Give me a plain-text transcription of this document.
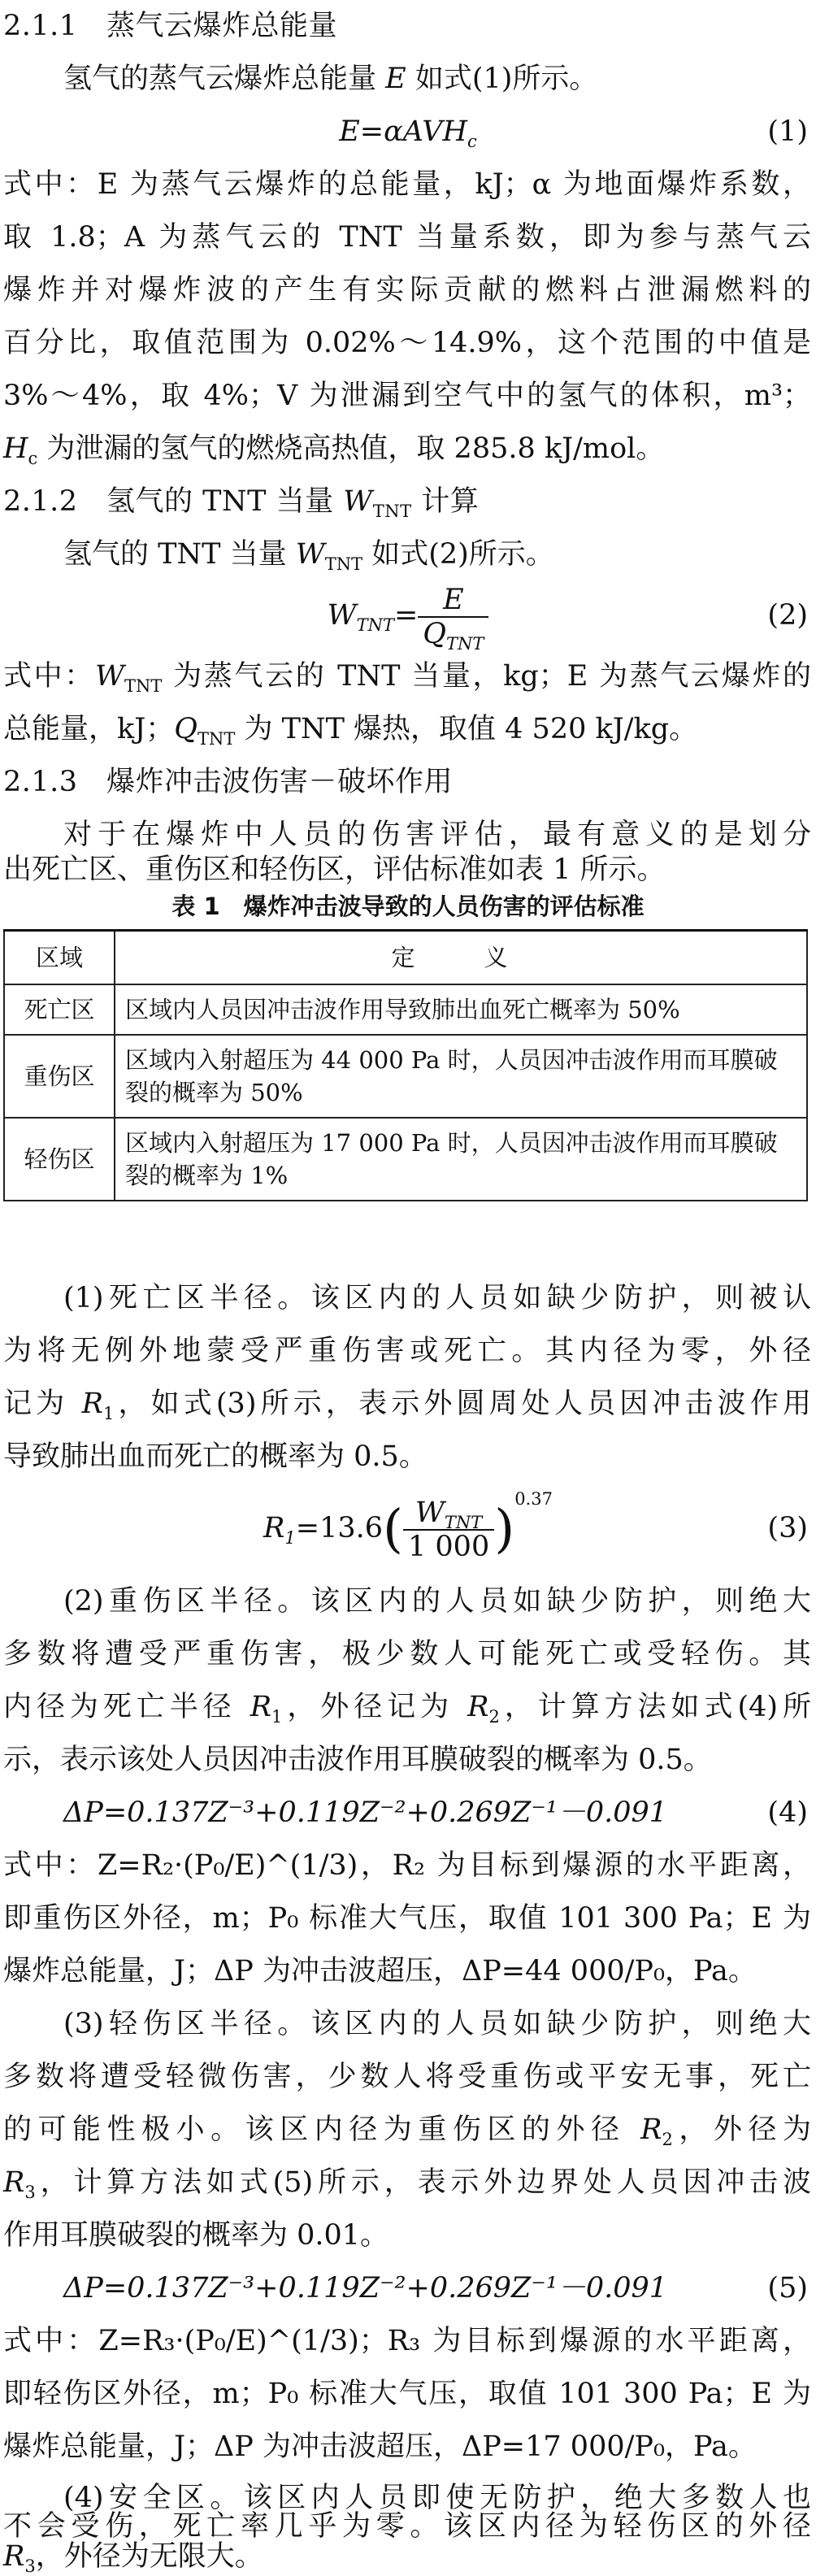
2.1.1　蒸气云爆炸总能量
氢气的蒸气云爆炸总能量 E 如式(1)所示。
E=αAVH$_c$	(1)
式中：E 为蒸气云爆炸的总能量，kJ；α 为地面爆炸系数，
取 1.8；A 为蒸气云的 TNT 当量系数，即为参与蒸气云
爆炸并对爆炸波的产生有实际贡献的燃料占泄漏燃料的
百分比，取值范围为 0.02%～14.9%，这个范围的中值是
3%～4%，取 4%；V 为泄漏到空气中的氢气的体积，m³；
$H_c$ 为泄漏的氢气的燃烧高热值，取 285.8 kJ/mol。
2.1.2　氢气的 TNT 当量 $W_{TNT}$ 计算
氢气的 TNT 当量 $W_{TNT}$ 如式(2)所示。
$W_{TNT}= \frac{E}{Q_{TNT}}$	(2)
式中：$W_{TNT}$ 为蒸气云的 TNT 当量，kg；E 为蒸气云爆炸的
总能量，kJ；$Q_{TNT}$ 为 TNT 爆热，取值 4 520 kJ/kg。
2.1.3　爆炸冲击波伤害－破坏作用
对于在爆炸中人员的伤害评估，最有意义的是划分
出死亡区、重伤区和轻伤区，评估标准如表 1 所示。
表 1　爆炸冲击波导致的人员伤害的评估标准
区域	定　义
死亡区	区域内人员因冲击波作用导致肺出血死亡概率为 50%
重伤区	区域内入射超压为 44 000 Pa 时，人员因冲击波作用而耳膜破裂的概率为 50%
轻伤区	区域内入射超压为 17 000 Pa 时，人员因冲击波作用而耳膜破裂的概率为 1%
(1)死亡区半径。该区内的人员如缺少防护，则被认
为将无例外地蒙受严重伤害或死亡。其内径为零，外径
记为 $R_1$，如式(3)所示，表示外圆周处人员因冲击波作用
导致肺出血而死亡的概率为 0.5。
$R_1=13.6( \frac{W_{TNT}}{1 000} )^{0.37}$
(3)
(2)重伤区半径。该区内的人员如缺少防护，则绝大
多数将遭受严重伤害，极少数人可能死亡或受轻伤。其
内径为死亡半径 $R_1$，外径记为 $R_2$，计算方法如式(4)所
示，表示该处人员因冲击波作用耳膜破裂的概率为 0.5。
ΔP=0.137Z⁻³+0.119Z⁻²+0.269Z⁻¹－0.091	(4)
式中：Z=R₂·(P₀/E)^(1/3)，R₂ 为目标到爆源的水平距离，
即重伤区外径，m；P₀ 标准大气压，取值 101 300 Pa；E 为
爆炸总能量，J；ΔP 为冲击波超压，ΔP=44 000/P₀，Pa。
(3)轻伤区半径。该区内的人员如缺少防护，则绝大
多数将遭受轻微伤害，少数人将受重伤或平安无事，死亡
的可能性极小。该区内径为重伤区的外径 $R_2$，外径为
$R_3$，计算方法如式(5)所示，表示外边界处人员因冲击波
作用耳膜破裂的概率为 0.01。
ΔP=0.137Z⁻³+0.119Z⁻²+0.269Z⁻¹－0.091	(5)
式中：Z=R₃·(P₀/E)^(1/3)；R₃ 为目标到爆源的水平距离，
即轻伤区外径，m；P₀ 标准大气压，取值 101 300 Pa；E 为
爆炸总能量，J；ΔP 为冲击波超压，ΔP=17 000/P₀，Pa。
(4)安全区。该区内人员即使无防护，绝大多数人也
不会受伤，死亡率几乎为零。该区内径为轻伤区的外径
$R_3$，外径为无限大。
